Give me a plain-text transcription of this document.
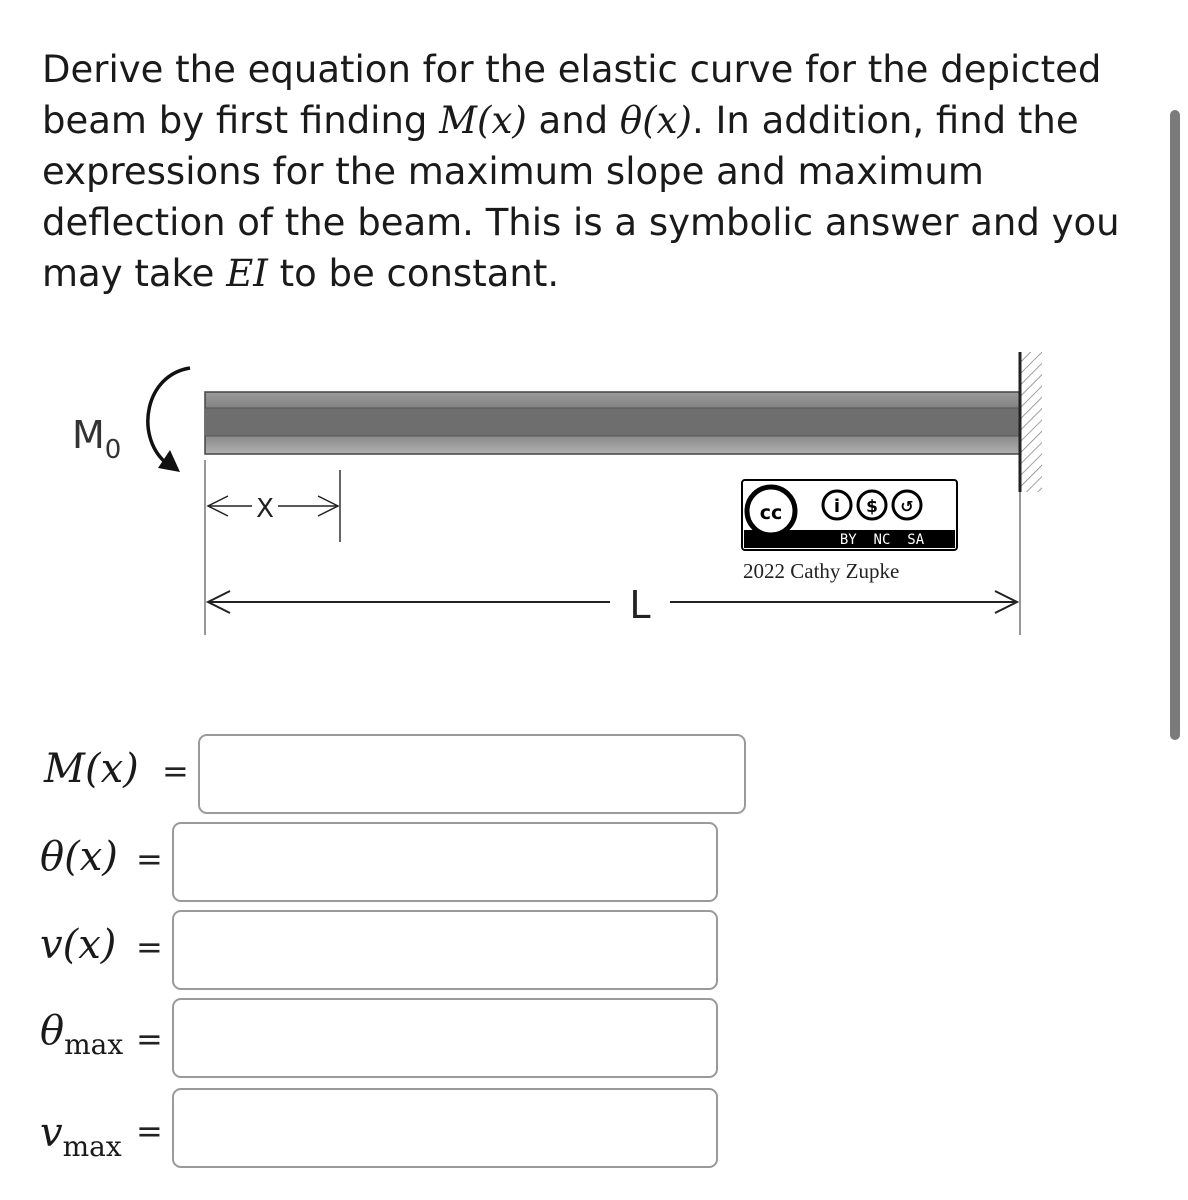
Derive the equation for the elastic curve for the depicted beam by first finding M(x) and θ(x). In addition, find the expressions for the maximum slope and maximum deflection of the beam. This is a symbolic answer and you may take EI to be constant.
$M_0$
X	i $ ↺
cc
BY  NC  SA
2022 Cathy Zupke
L
M(x) =
θ(x) =
v(x) =
$\theta_{max}$ =
$v_{max}$ =
